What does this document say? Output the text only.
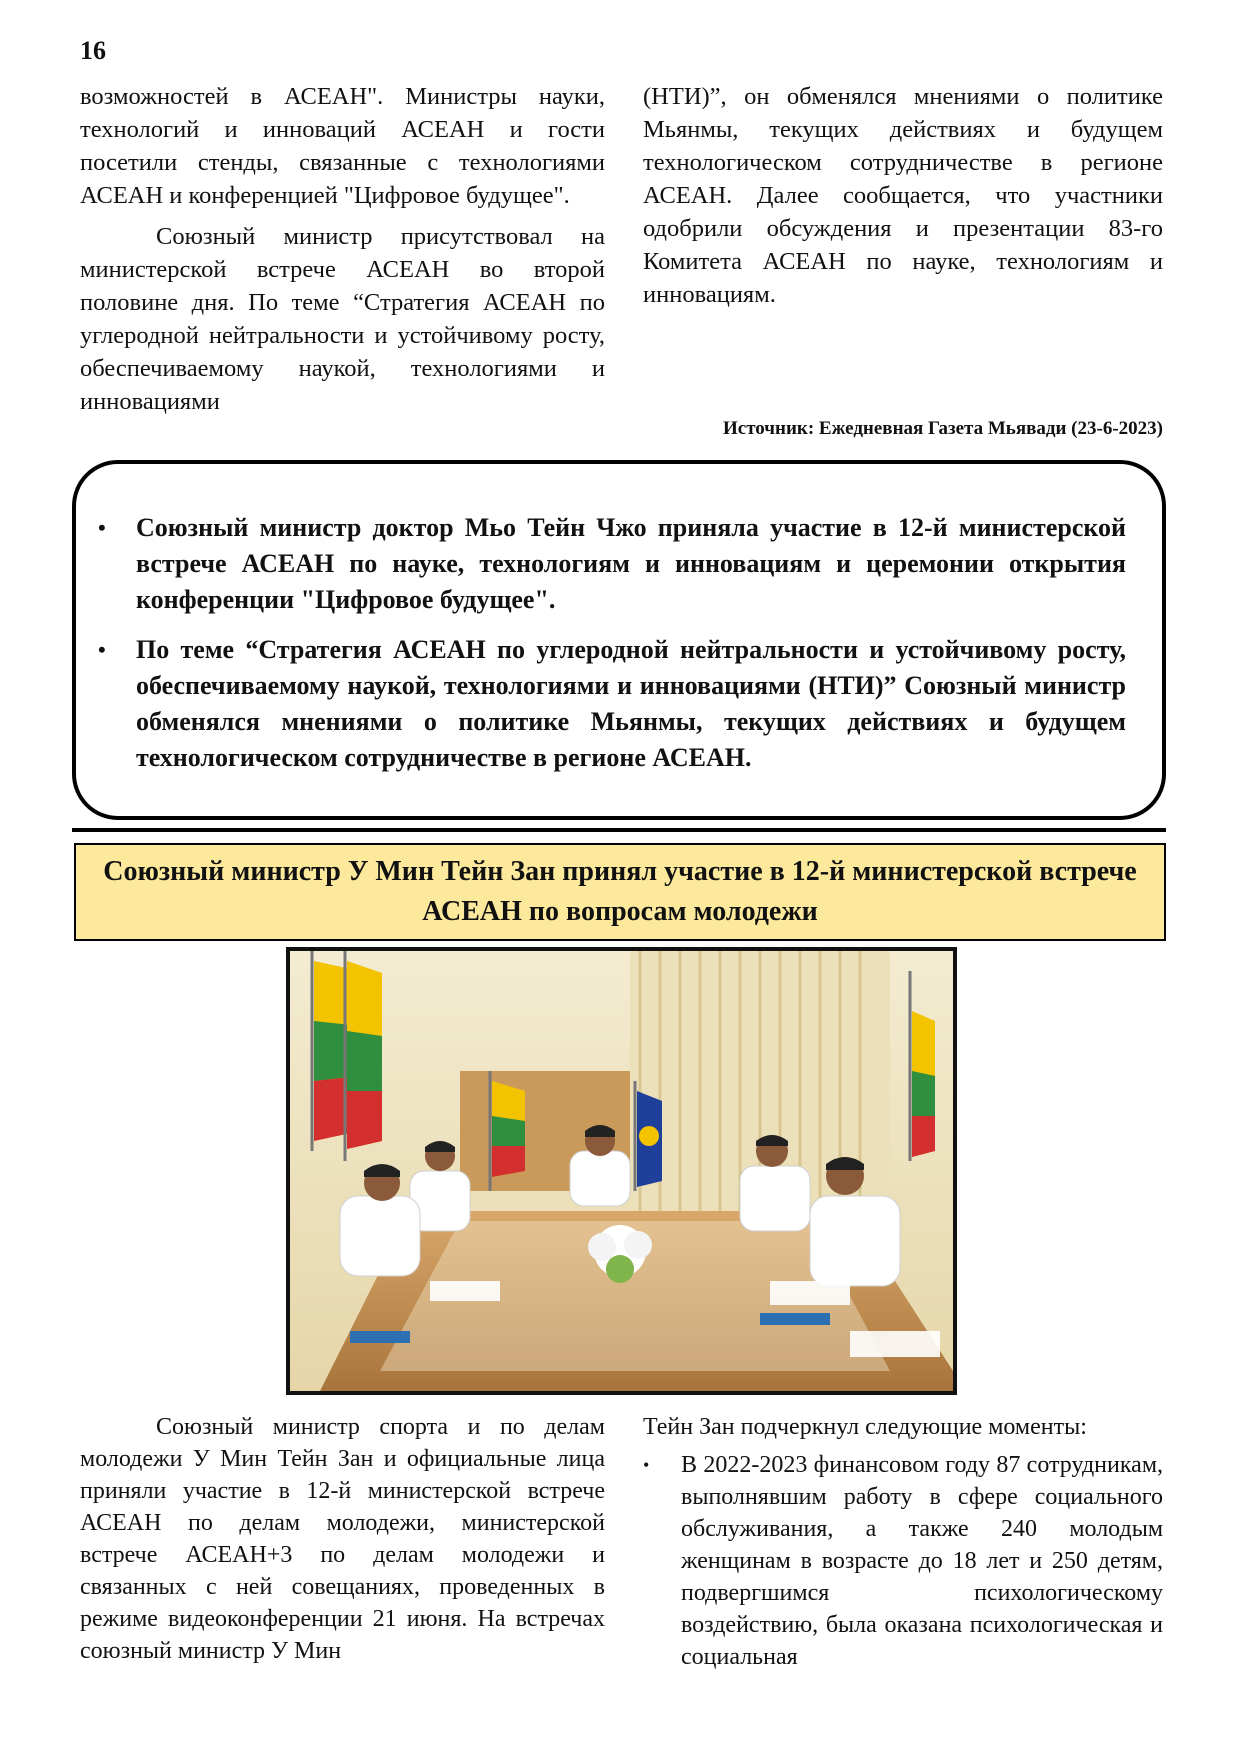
16

возможностей в АСЕАН". Министры науки, технологий и инноваций АСЕАН и гости посетили стенды, связанные с технологиями АСЕАН и конференцией "Цифровое будущее".

Союзный министр присутствовал на министерской встрече АСЕАН во второй половине дня. По теме “Стратегия АСЕАН по углеродной нейтральности и устойчивому росту, обеспечиваемому наукой, технологиями и инновациями

(НТИ)”, он обменялся мнениями о политике Мьянмы, текущих действиях и будущем технологическом сотрудничестве в регионе АСЕАН. Далее сообщается, что участники одобрили обсуждения и презентации 83-го Комитета АСЕАН по науке, технологиям и инновациям.

Источник: Ежедневная Газета Мьявади (23-6-2023)
• Союзный министр доктор Мьо Тейн Чжо приняла участие в 12-й министерской встрече АСЕАН по науке, технологиям и инновациям и церемонии открытия конференции "Цифровое будущее".
• По теме “Стратегия АСЕАН по углеродной нейтральности и устойчивому росту, обеспечиваемому наукой, технологиями и инновациями (НТИ)” Союзный министр обменялся мнениями о политике Мьянмы, текущих действиях и будущем технологическом сотрудничестве в регионе АСЕАН.
Союзный министр У Мин Тейн Зан принял участие в 12-й министерской встрече АСЕАН по вопросам молодежи

Союзный министр спорта и по делам молодежи У Мин Тейн Зан и официальные лица приняли участие в 12-й министерской встрече АСЕАН по делам молодежи, министерской встрече АСЕАН+3 по делам молодежи и связанных с ней совещаниях, проведенных в режиме видеоконференции 21 июня. На встречах союзный министр У Мин

Тейн Зан подчеркнул следующие моменты:

• В 2022-2023 финансовом году 87 сотрудникам, выполнявшим работу в сфере социального обслуживания, а также 240 молодым женщинам в возрасте до 18 лет и 250 детям, подвергшимся психологическому воздействию, была оказана психологическая и социальная
